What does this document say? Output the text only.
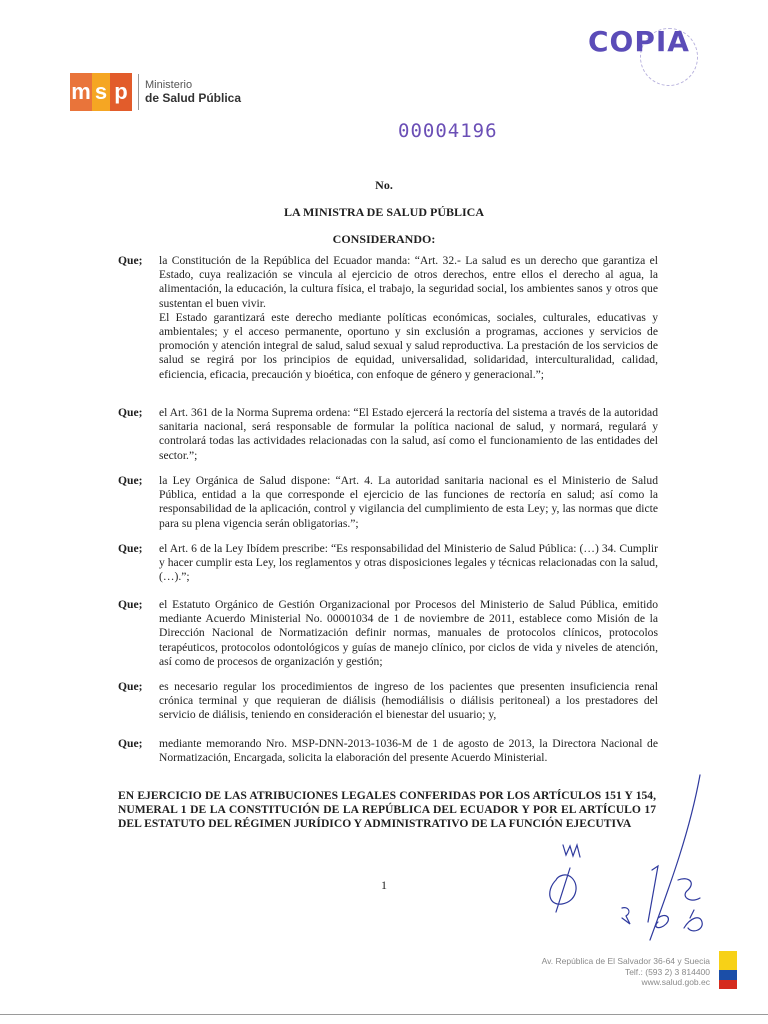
m s p	Ministerio
de Salud Pública
COPIA
00004196
No.
LA MINISTRA DE SALUD PÚBLICA
CONSIDERANDO:
Que; la Constitución de la República del Ecuador manda: “Art. 32.- La salud es un derecho que garantiza el Estado, cuya realización se vincula al ejercicio de otros derechos, entre ellos el derecho al agua, la alimentación, la educación, la cultura física, el trabajo, la seguridad social, los ambientes sanos y otros que sustentan el buen vivir.

El Estado garantizará este derecho mediante políticas económicas, sociales, culturales, educativas y ambientales; y el acceso permanente, oportuno y sin exclusión a programas, acciones y servicios de promoción y atención integral de salud, salud sexual y salud reproductiva. La prestación de los servicios de salud se regirá por los principios de equidad, universalidad, solidaridad, interculturalidad, calidad, eficiencia, eficacia, precaución y bioética, con enfoque de género y generacional.”;

Que; el Art. 361 de la Norma Suprema ordena: “El Estado ejercerá la rectoría del sistema a través de la autoridad sanitaria nacional, será responsable de formular la política nacional de salud, y normará, regulará y controlará todas las actividades relacionadas con la salud, así como el funcionamiento de las entidades del sector.”;

Que; la Ley Orgánica de Salud dispone: “Art. 4. La autoridad sanitaria nacional es el Ministerio de Salud Pública, entidad a la que corresponde el ejercicio de las funciones de rectoría en salud; así como la responsabilidad de la aplicación, control y vigilancia del cumplimiento de esta Ley; y, las normas que dicte para su plena vigencia serán obligatorias.”;

Que; el Art. 6 de la Ley Ibídem prescribe: “Es responsabilidad del Ministerio de Salud Pública: (…) 34. Cumplir y hacer cumplir esta Ley, los reglamentos y otras disposiciones legales y técnicas relacionadas con la salud, (…).”;

Que; el Estatuto Orgánico de Gestión Organizacional por Procesos del Ministerio de Salud Pública, emitido mediante Acuerdo Ministerial No. 00001034 de 1 de noviembre de 2011, establece como Misión de la Dirección Nacional de Normatización definir normas, manuales de protocolos clínicos, protocolos terapéuticos, protocolos odontológicos y guías de manejo clínico, por ciclos de vida y niveles de atención, así como de procesos de organización y gestión;

Que; es necesario regular los procedimientos de ingreso de los pacientes que presenten insuficiencia renal crónica terminal y que requieran de diálisis (hemodiálisis o diálisis peritoneal) a los prestadores del servicio de diálisis, teniendo en consideración el bienestar del usuario; y,

Que; mediante memorando Nro. MSP-DNN-2013-1036-M de 1 de agosto de 2013, la Directora Nacional de Normatización, Encargada, solicita la elaboración del presente Acuerdo Ministerial.

EN EJERCICIO DE LAS ATRIBUCIONES LEGALES CONFERIDAS POR LOS ARTÍCULOS 151 Y 154, NUMERAL 1 DE LA CONSTITUCIÓN DE LA REPÚBLICA DEL ECUADOR Y POR EL ARTÍCULO 17 DEL ESTATUTO DEL RÉGIMEN JURÍDICO Y ADMINISTRATIVO DE LA FUNCIÓN EJECUTIVA
1
Av. República de El Salvador 36-64 y Suecia
Telf.: (593 2) 3 814400
www.salud.gob.ec
